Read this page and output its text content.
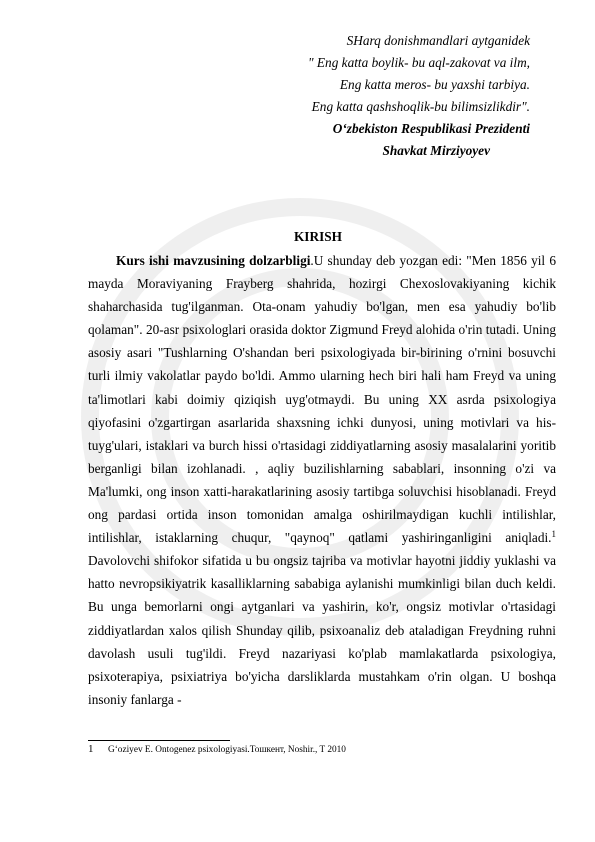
SHarq donishmandlari aytganidek
" Eng katta boylik- bu aql-zakovat va ilm,
Eng katta meros- bu yaxshi tarbiya.
Eng katta qashshoqlik-bu bilimsizlikdir".
O‘zbekiston Respublikasi Prezidenti
Shavkat Mirziyoyev
KIRISH

Kurs ishi mavzusining dolzarbligi.U shunday deb yozgan edi: "Men 1856 yil 6 mayda Moraviyaning Frayberg shahrida, hozirgi Chexoslovakiyaning kichik shaharchasida tug'ilganman. Ota-onam yahudiy bo'lgan, men esa yahudiy bo'lib qolaman". 20-asr psixologlari orasida doktor Zigmund Freyd alohida o'rin tutadi. Uning asosiy asari "Tushlarning O'shandan beri psixologiyada bir-birining o'rnini bosuvchi turli ilmiy vakolatlar paydo bo'ldi. Ammo ularning hech biri hali ham Freyd va uning ta'limotlari kabi doimiy qiziqish uyg'otmaydi. Bu uning XX asrda psixologiya qiyofasini o'zgartirgan asarlarida shaxsning ichki dunyosi, uning motivlari va his-tuyg'ulari, istaklari va burch hissi o'rtasidagi ziddiyatlarning asosiy masalalarini yoritib berganligi bilan izohlanadi. , aqliy buzilishlarning sabablari, insonning o'zi va Ma'lumki, ong inson xatti-harakatlarining asosiy tartibga soluvchisi hisoblanadi. Freyd ong pardasi ortida inson tomonidan amalga oshirilmaydigan kuchli intilishlar, intilishlar, istaklarning chuqur, "qaynoq" qatlami yashiringanligini aniqladi.$^1$ Davolovchi shifokor sifatida u bu ongsiz tajriba va motivlar hayotni jiddiy yuklashi va hatto nevropsikiyatrik kasalliklarning sababiga aylanishi mumkinligi bilan duch keldi. Bu unga bemorlarni ongi aytganlari va yashirin, ko'r, ongsiz motivlar o'rtasidagi ziddiyatlardan xalos qilish Shunday qilib, psixoanaliz deb ataladigan Freydning ruhni davolash usuli tug'ildi. Freyd nazariyasi ko'plab mamlakatlarda psixologiya, psixoterapiya, psixiatriya bo'yicha darsliklarda mustahkam o'rin olgan. U boshqa insoniy fanlarga -

1 G‘oziyev E. Ontogenez psixologiyasi.Тошкент, Noshir., T 2010
